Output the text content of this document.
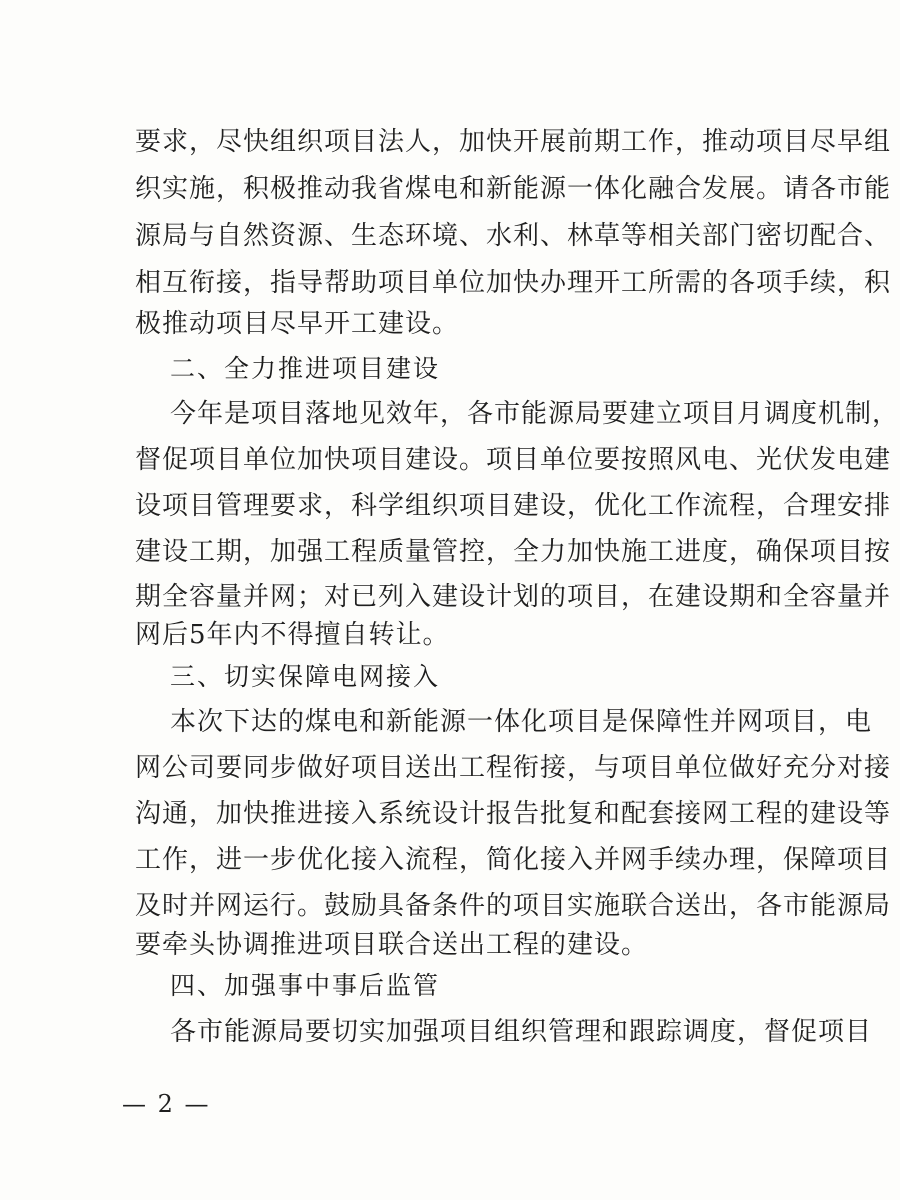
要求，尽快组织项目法人，加快开展前期工作，推动项目尽早组
织实施，积极推动我省煤电和新能源一体化融合发展。请各市能
源局与自然资源、生态环境、水利、林草等相关部门密切配合、
相互衔接，指导帮助项目单位加快办理开工所需的各项手续，积
极推动项目尽早开工建设。
二、全力推进项目建设
今年是项目落地见效年，各市能源局要建立项目月调度机制，
督促项目单位加快项目建设。项目单位要按照风电、光伏发电建
设项目管理要求，科学组织项目建设，优化工作流程，合理安排
建设工期，加强工程质量管控，全力加快施工进度，确保项目按
期全容量并网；对已列入建设计划的项目，在建设期和全容量并
网后5年内不得擅自转让。
三、切实保障电网接入
本次下达的煤电和新能源一体化项目是保障性并网项目，电
网公司要同步做好项目送出工程衔接，与项目单位做好充分对接
沟通，加快推进接入系统设计报告批复和配套接网工程的建设等
工作，进一步优化接入流程，简化接入并网手续办理，保障项目
及时并网运行。鼓励具备条件的项目实施联合送出，各市能源局
要牵头协调推进项目联合送出工程的建设。
四、加强事中事后监管
各市能源局要切实加强项目组织管理和跟踪调度，督促项目
— 2 —
